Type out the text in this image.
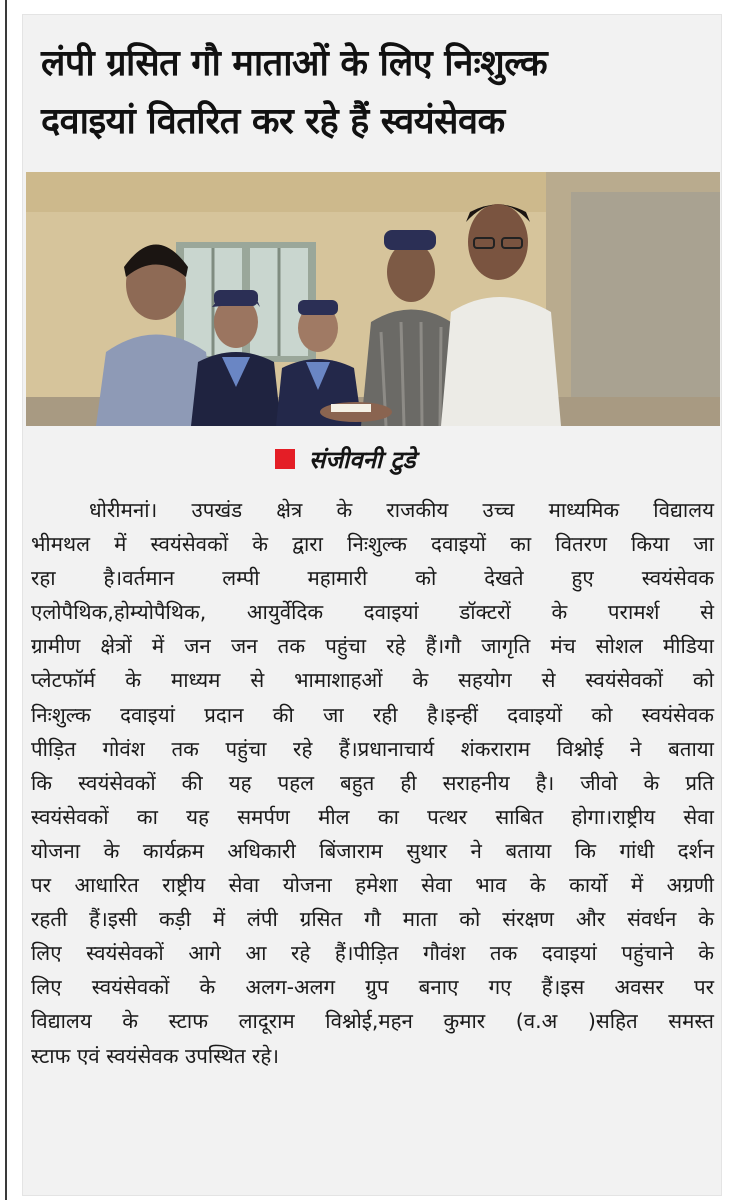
लंपी ग्रसित गौ माताओं के लिए निःशुल्क
दवाइयां वितरित कर रहे हैं स्वयंसेवक
संजीवनी टुडे

धोरीमनां। उपखंड क्षेत्र के राजकीय उच्च माध्यमिक विद्यालय
भीमथल में स्वयंसेवकों के द्वारा निःशुल्क दवाइयों का वितरण किया जा
रहा है।वर्तमान लम्पी महामारी को देखते हुए स्वयंसेवक
एलोपैथिक,होम्योपैथिक, आयुर्वेदिक दवाइयां डॉक्टरों के परामर्श से
ग्रामीण क्षेत्रों में जन जन तक पहुंचा रहे हैं।गौ जागृति मंच सोशल मीडिया
प्लेटफॉर्म के माध्यम से भामाशाहओं के सहयोग से स्वयंसेवकों को
निःशुल्क दवाइयां प्रदान की जा रही है।इन्हीं दवाइयों को स्वयंसेवक
पीड़ित गोवंश तक पहुंचा रहे हैं।प्रधानाचार्य शंकराराम विश्नोई ने बताया
कि स्वयंसेवकों की यह पहल बहुत ही सराहनीय है। जीवो के प्रति
स्वयंसेवकों का यह समर्पण मील का पत्थर साबित होगा।राष्ट्रीय सेवा
योजना के कार्यक्रम अधिकारी बिंजाराम सुथार ने बताया कि गांधी दर्शन
पर आधारित राष्ट्रीय सेवा योजना हमेशा सेवा भाव के कार्यो में अग्रणी
रहती हैं।इसी कड़ी में लंपी ग्रसित गौ माता को संरक्षण और संवर्धन के
लिए स्वयंसेवकों आगे आ रहे हैं।पीड़ित गौवंश तक दवाइयां पहुंचाने के
लिए स्वयंसेवकों के अलग-अलग ग्रुप बनाए गए हैं।इस अवसर पर
विद्यालय के स्टाफ लादूराम विश्नोई,महन कुमार (व.अ )सहित समस्त
स्टाफ एवं स्वयंसेवक उपस्थित रहे।
